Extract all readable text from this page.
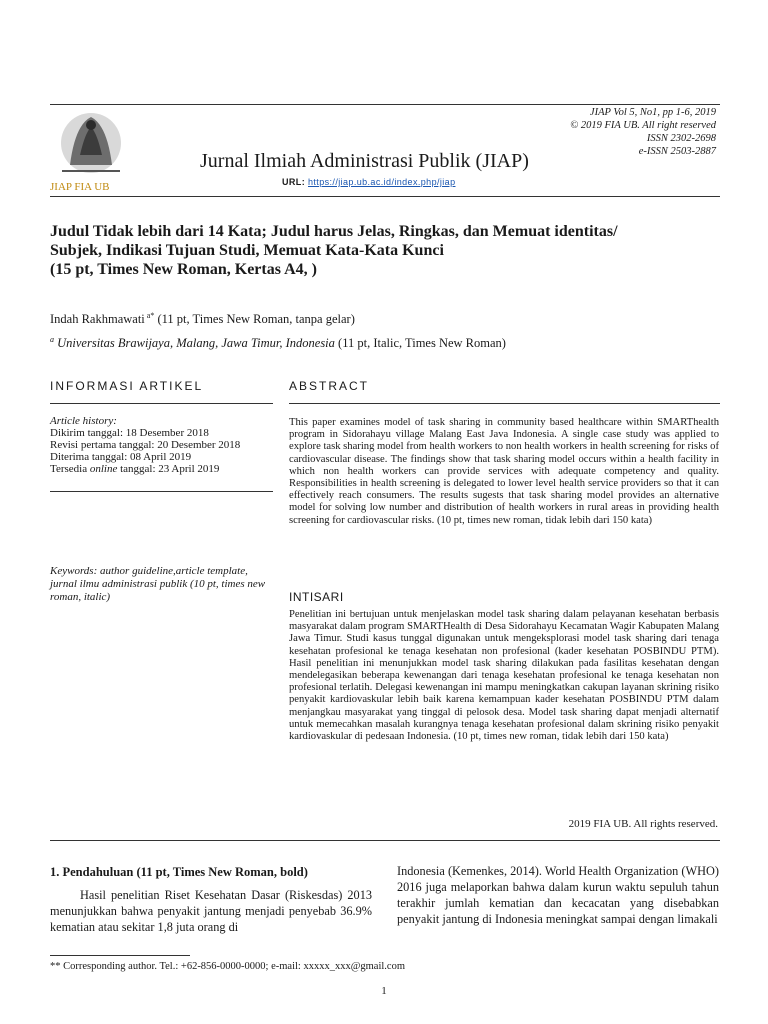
JIAP FIA UB
JIAP Vol 5, No1, pp 1-6, 2019
© 2019 FIA UB. All right reserved
ISSN 2302-2698
e-ISSN 2503-2887
Jurnal Ilmiah Administrasi Publik (JIAP)
URL: https://jiap.ub.ac.id/index.php/jiap
Judul Tidak lebih dari 14 Kata; Judul harus Jelas, Ringkas, dan Memuat identitas/
Subjek, Indikasi Tujuan Studi, Memuat Kata-Kata Kunci
(15 pt, Times New Roman, Kertas A4, )
Indah Rakhmawati $^{a*}$ (11 pt, Times New Roman, tanpa gelar)
$^a$ Universitas Brawijaya, Malang, Jawa Timur, Indonesia (11 pt, Italic, Times New Roman)
INFORMASI ARTIKEL	ABSTRACT
Article history:
Dikirim tanggal: 18 Desember 2018
Revisi pertama tanggal: 20 Desember 2018
Diterima tanggal: 08 April 2019
Tersedia online tanggal: 23 April 2019
Keywords: author guideline,article template, jurnal ilmu administrasi publik (10 pt, times new roman, italic)
This paper examines model of task sharing in community based healthcare within SMARThealth program in Sidorahayu village Malang East Java Indonesia. A single case study was applied to explore task sharing model from health workers to non health workers in health screening for risks of cardiovascular disease. The findings show that task sharing model occurs within a health facility in which non health workers can provide services with adequate competency and quality. Responsibilities in health screening is delegated to lower level health service providers so that it can effectively reach consumers. The results sugests that task sharing model provides an alternative model for solving low number and distribution of health workers in rural areas in providing health screening for cardiovascular risks. (10 pt, times new roman, tidak lebih dari 150 kata)
INTISARI
Penelitian ini bertujuan untuk menjelaskan model task sharing dalam pelayanan kesehatan berbasis masyarakat dalam program SMARTHealth di Desa Sidorahayu Kecamatan Wagir Kabupaten Malang Jawa Timur. Studi kasus tunggal digunakan untuk mengeksplorasi model task sharing dari tenaga kesehatan profesional ke tenaga kesehatan non profesional (kader kesehatan POSBINDU PTM). Hasil penelitian ini menunjukkan model task sharing dilakukan pada fasilitas kesehatan dengan mendelegasikan beberapa kewenangan dari tenaga kesehatan profesional ke tenaga kesehatan non profesional terlatih. Delegasi kewenangan ini mampu meningkatkan cakupan layanan skrining risiko penyakit kardiovaskular lebih baik karena kemampuan kader kesehatan POSBINDU PTM dalam menjangkau masyarakat yang tinggal di pelosok desa. Model task sharing dapat menjadi alternatif untuk memecahkan masalah kurangnya tenaga kesehatan profesional dalam skrining risiko penyakit kardiovaskular di pedesaan Indonesia. (10 pt, times new roman, tidak lebih dari 150 kata)
2019 FIA UB. All rights reserved.
1. Pendahuluan (11 pt, Times New Roman, bold)
Hasil penelitian Riset Kesehatan Dasar (Riskesdas) 2013 menunjukkan bahwa penyakit jantung menjadi penyebab 36.9% kematian atau sekitar 1,8 juta orang di
Indonesia (Kemenkes, 2014). World Health Organization (WHO) 2016 juga melaporkan bahwa dalam kurun waktu sepuluh tahun terakhir jumlah kematian dan kecacatan yang disebabkan penyakit jantung di Indonesia meningkat sampai dengan limakali
** Corresponding author. Tel.: +62-856-0000-0000; e-mail: xxxxx_xxx@gmail.com
1
